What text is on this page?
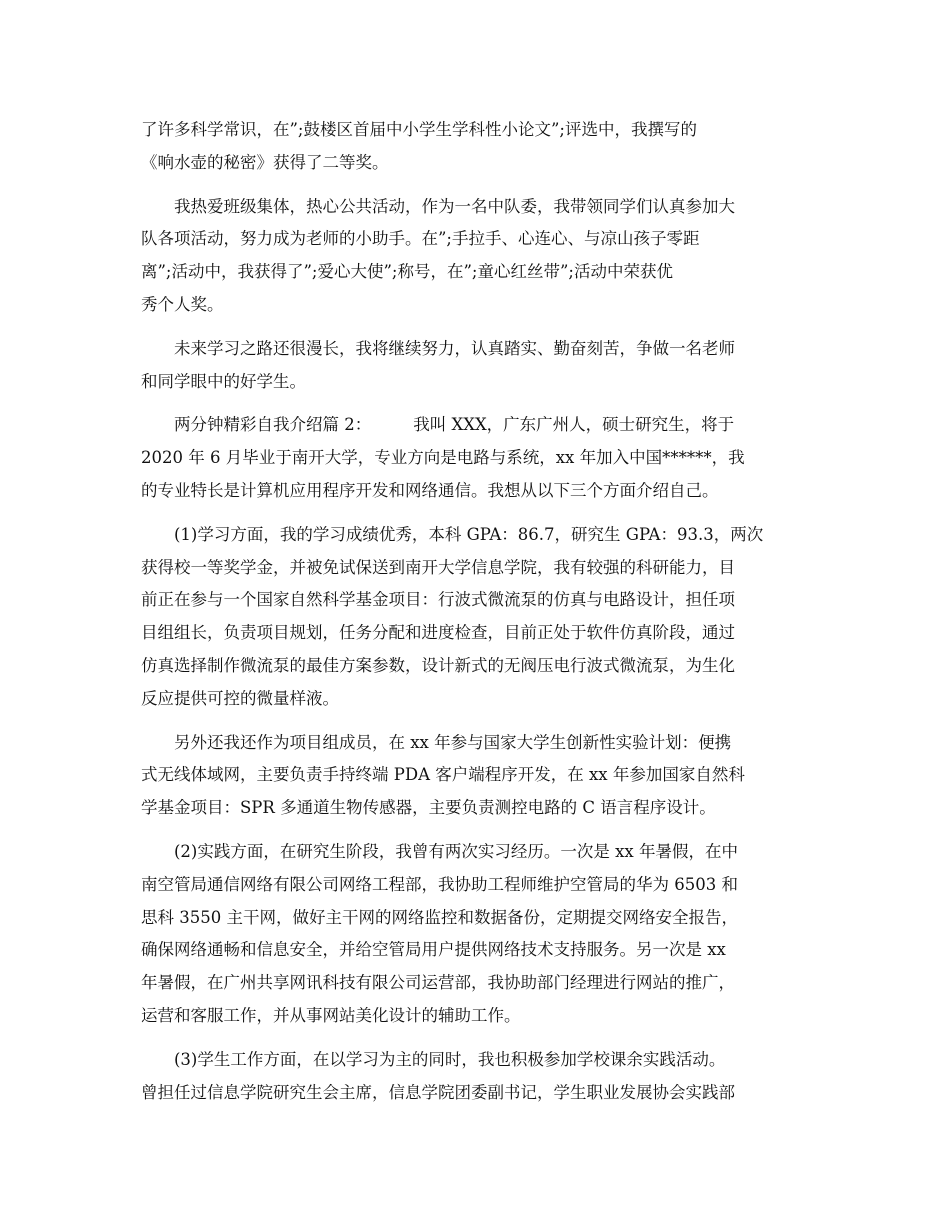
了许多科学常识，在”;鼓楼区首届中小学生学科性小论文”;评选中，我撰写的
《响水壶的秘密》获得了二等奖。

我热爱班级集体，热心公共活动，作为一名中队委，我带领同学们认真参加大
队各项活动，努力成为老师的小助手。在”;手拉手、心连心、与凉山孩子零距
离”;活动中，我获得了”;爱心大使”;称号，在”;童心红丝带”;活动中荣获优
秀个人奖。

未来学习之路还很漫长，我将继续努力，认真踏实、勤奋刻苦，争做一名老师
和同学眼中的好学生。

两分钟精彩自我介绍篇 2：        我叫 XXX，广东广州人，硕士研究生，将于
2020 年 6 月毕业于南开大学，专业方向是电路与系统，xx 年加入中国******，我
的专业特长是计算机应用程序开发和网络通信。我想从以下三个方面介绍自己。

(1)学习方面，我的学习成绩优秀，本科 GPA：86.7，研究生 GPA：93.3，两次
获得校一等奖学金，并被免试保送到南开大学信息学院，我有较强的科研能力，目
前正在参与一个国家自然科学基金项目：行波式微流泵的仿真与电路设计，担任项
目组组长，负责项目规划，任务分配和进度检查，目前正处于软件仿真阶段，通过
仿真选择制作微流泵的最佳方案参数，设计新式的无阀压电行波式微流泵，为生化
反应提供可控的微量样液。

另外还我还作为项目组成员，在 xx 年参与国家大学生创新性实验计划：便携
式无线体域网，主要负责手持终端 PDA 客户端程序开发，在 xx 年参加国家自然科
学基金项目：SPR 多通道生物传感器，主要负责测控电路的 C 语言程序设计。

(2)实践方面，在研究生阶段，我曾有两次实习经历。一次是 xx 年暑假，在中
南空管局通信网络有限公司网络工程部，我协助工程师维护空管局的华为 6503 和
思科 3550 主干网，做好主干网的网络监控和数据备份，定期提交网络安全报告，
确保网络通畅和信息安全，并给空管局用户提供网络技术支持服务。另一次是 xx
年暑假，在广州共享网讯科技有限公司运营部，我协助部门经理进行网站的推广，
运营和客服工作，并从事网站美化设计的辅助工作。

(3)学生工作方面，在以学习为主的同时，我也积极参加学校课余实践活动。
曾担任过信息学院研究生会主席，信息学院团委副书记，学生职业发展协会实践部
